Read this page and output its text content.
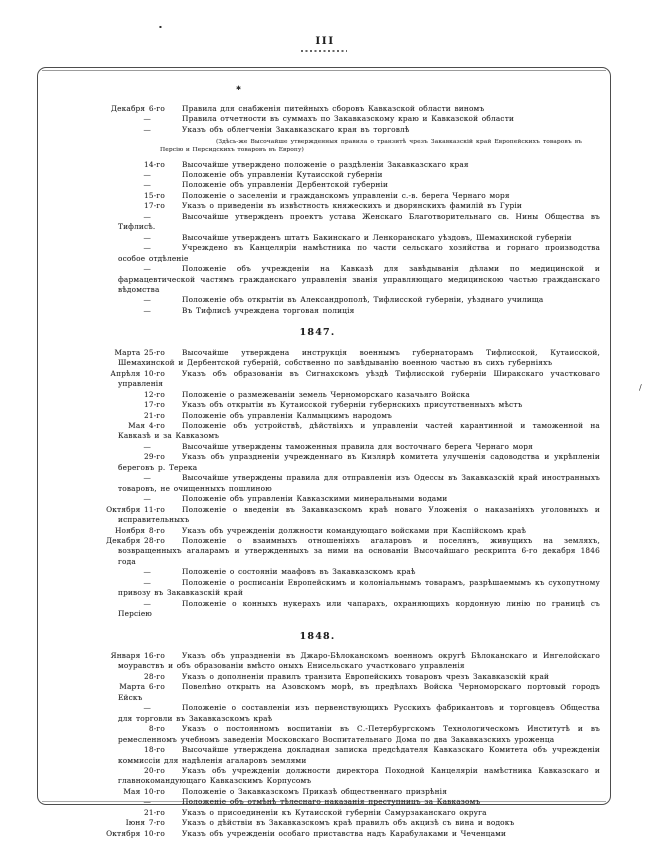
III

Декабря 6-го Правила для снабженія питейныхъ сборовъ Кавказской области виномъ

—	Правила отчетности въ суммахъ по Закавказскому краю и Кавказской области

—	Указъ объ облегченіи Закавказскаго края въ торговлѣ

(Здѣсь-же Высочайше утвержденныя правила о транзитѣ чрезъ Закавказскій край Европейскихъ товаровъ въ Персію и Персидскихъ товаровъ въ Европу)

14-го Высочайше утверждено положеніе о раздѣленіи Закавказскаго края

—	Положеніе объ управленіи Кутаисской губерніи

—	Положеніе объ управленіи Дербентской губерніи

15-го Положеніе о заселеніи и гражданскомъ управленіи с.-в. берега Чернаго моря

17-го Указъ о приведеніи въ извѣстность княжескихъ и дворянскихъ фамилій въ Гуріи

—	Высочайше утвержденъ проектъ устава Женскаго Благотворительнаго св. Нины Общества въ Тифлисѣ.

—	Высочайше утвержденъ штатъ Бакинскаго и Ленкоранскаго уѣздовъ, Шемахинской губерніи

—	Учреждено въ Канцеляріи намѣстника по части сельскаго хозяйства и горнаго производства особое отдѣленіе

—	Положеніе объ учрежденіи на Кавказѣ для завѣдыванія дѣлами по медицинской и фармацевтической частямъ гражданскаго управленія званія управляющаго медицинскою частью гражданскаго вѣдомства

—	Положеніе объ открытіи въ Александрополѣ, Тифлисской губерніи, уѣзднаго училища

—	Въ Тифлисѣ учреждена торговая полиція

1847.

Марта 25-го Высочайше утверждена инструкція военнымъ губернаторамъ Тифлисской, Кутаисской, Шемахинской и Дербентской губерній, собственно по завѣдыванію военною частью въ сихъ губерніяхъ

Апрѣля 10-го Указъ объ образованіи въ Сигнахскомъ уѣздѣ Тифлисской губерніи Ширакскаго участковаго управленія

12-го Положеніе о размежеваніи земель Черноморскаго казачьяго Войска

17-го Указъ объ открытіи въ Кутаисской губерніи губернскихъ присутственныхъ мѣстъ

21-го Положеніе объ управленіи Калмыцкимъ народомъ

Мая 4-го Положеніе объ устройствѣ, дѣйствіяхъ и управленіи частей карантинной и таможенной на Кавказѣ и за Кавказомъ

—	Высочайше утверждены таможенныя правила для восточнаго берега Чернаго моря

29-го Указъ объ упраздненіи учрежденнаго въ Кизлярѣ комитета улучшенія садоводства и укрѣпленіи береговъ р. Терека

—	Высочайше утверждены правила для отправленія изъ Одессы въ Закавказскій край иностранныхъ товаровъ, не очищенныхъ пошлиною

—	Положеніе объ управленіи Кавказскими минеральными водами

Октября 11-го Положеніе о введеніи въ Закавказскомъ краѣ новаго Уложенія о наказаніяхъ уголовныхъ и исправительныхъ

Ноября 8-го Указъ объ учрежденіи должности командующаго войсками при Каспійскомъ краѣ

Декабря 28-го Положеніе о взаимныхъ отношеніяхъ агаларовъ и поселянъ, живущихъ на земляхъ, возвращенныхъ агаларамъ и утвержденныхъ за ними на основаніи Высочайшаго рескрипта 6-го декабря 1846 года

—	Положеніе о состояніи маафовъ въ Закавказскомъ краѣ

—	Положеніе о росписаніи Европейскимъ и колоніальнымъ товарамъ, разрѣшаемымъ къ сухопутному привозу въ Закавказскій край

—	Положеніе о конныхъ нукерахъ или чапарахъ, охраняющихъ кордонную линію по границѣ съ Персіею

1848.

Января 16-го Указъ объ упраздненіи въ Джаро-Бѣлоканскомъ военномъ округѣ Бѣлоканскаго и Ингелойскаго моуравствъ и объ образованіи вмѣсто оныхъ Енисельскаго участковаго управленія

28-го Указъ о дополненіи правилъ транзита Европейскихъ товаровъ чрезъ Закавказскій край

Марта 6-го Повелѣно открыть на Азовскомъ морѣ, въ предѣлахъ Войска Черноморскаго портовый городъ Ейскъ

—	Положеніе о составленіи изъ первенствующихъ Русскихъ фабрикантовъ и торговцевъ Общества для торговли въ Закавказскомъ краѣ

8-го Указъ о постоянномъ воспитаніи въ С.-Петербургскомъ Технологическомъ Институтѣ и въ ремесленномъ учебномъ заведеніи Московскаго Воспитательнаго Дома по два Закавказскихъ уроженца

18-го Высочайше утверждена докладная записка предсѣдателя Кавказскаго Комитета объ учрежденіи коммиссіи для надѣленія агаларовъ землями

20-го Указъ объ учрежденіи должности директора Походной Канцеляріи намѣстника Кавказскаго и главнокомандующаго Кавказскимъ Корпусомъ

Мая 10-го Положеніе о Закавказскомъ Приказѣ общественнаго призрѣнія

—	Положеніе объ отмѣнѣ тѣлеснаго наказанія преступницъ за Кавказомъ

21-го Указъ о присоединеніи къ Кутаисской губерніи Самурзаканскаго округа

Іюня 7-го Указъ о дѣйствіи въ Закавказскомъ краѣ правилъ объ акцизѣ съ вина и водокъ

Октября 10-го Указъ объ учрежденіи особаго приставства надъ Карабулаками и Чеченцами

▪
✱
∕
